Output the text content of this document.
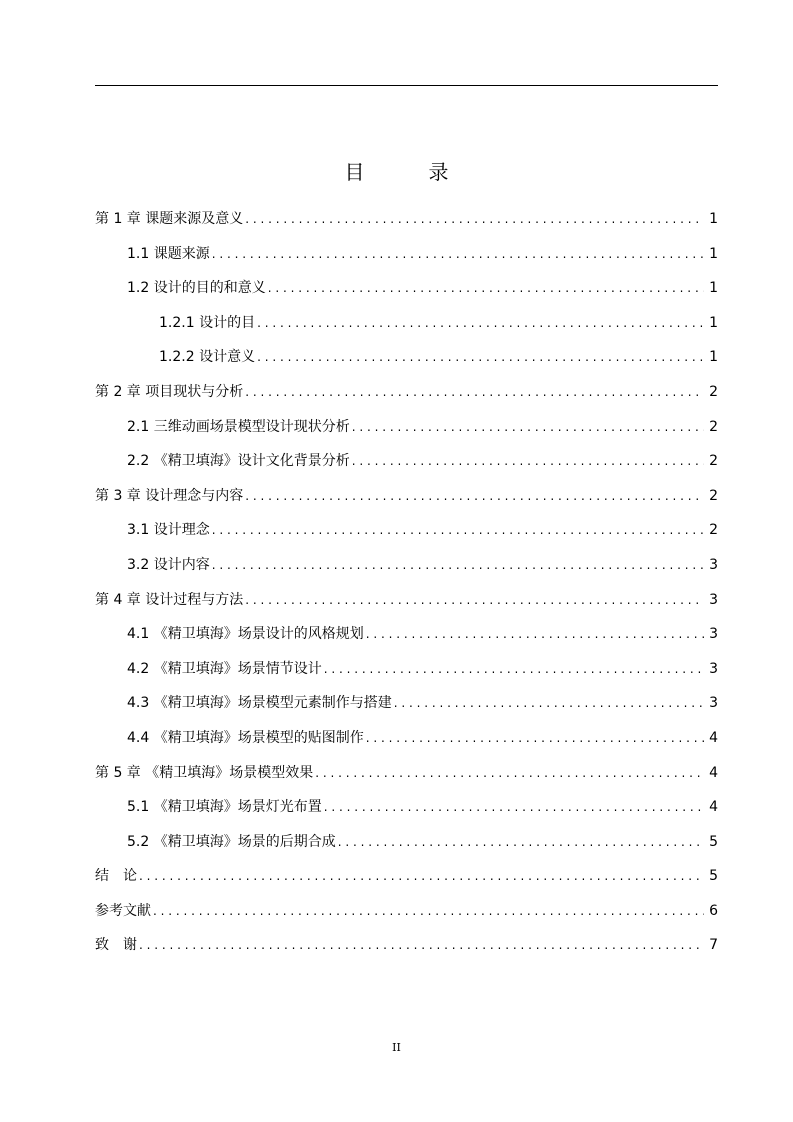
目　录
第 1 章 课题来源及意义 . . .	1
1.1 课题来源 . . .	1
1.2 设计的目的和意义 . . .	1
1.2.1 设计的目 . . .	1
1.2.2 设计意义 . . .	1
第 2 章 项目现状与分析 . . .	2
2.1 三维动画场景模型设计现状分析 . . .	2
2.2 《精卫填海》设计文化背景分析 . . .	2
第 3 章 设计理念与内容 . . .	2
3.1 设计理念 . . .	2
3.2 设计内容 . . .	3
第 4 章 设计过程与方法 . . .	3
4.1 《精卫填海》场景设计的风格规划 . . .	3
4.2 《精卫填海》场景情节设计 . . .	3
4.3 《精卫填海》场景模型元素制作与搭建 . . .	3
4.4 《精卫填海》场景模型的贴图制作 . . .	4
第 5 章 《精卫填海》场景模型效果 . . .	4
5.1 《精卫填海》场景灯光布置 . . .	4
5.2 《精卫填海》场景的后期合成 . . .	5
结　论 . . .	5
参考文献 . . .	6
致　谢 . . .	7
II
